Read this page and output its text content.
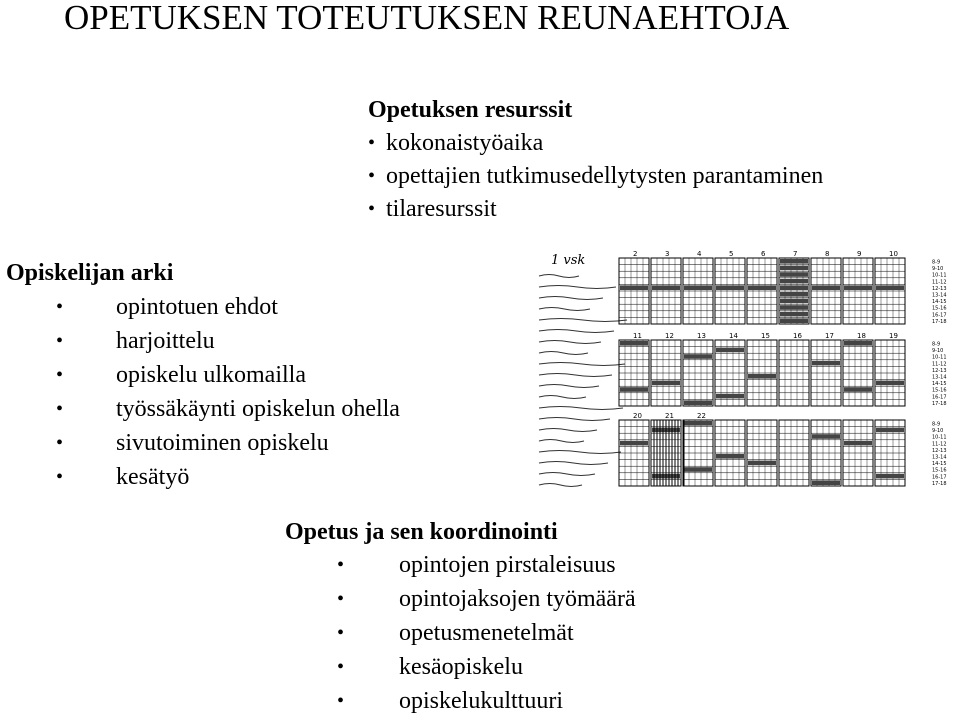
OPETUKSEN TOTEUTUKSEN REUNAEHTOJA
Opetuksen resurssit
• kokonaistyöaika
• opettajien tutkimusedellytysten parantaminen
• tilaresurssit
Opiskelijan arki
• opintotuen ehdot
• harjoittelu
• opiskelu ulkomailla
• työssäkäynti opiskelun ohella
• sivutoiminen opiskelu
• kesätyö
1 vsk	2	3	4	5	6	7	8	9	10
8-9
9-10
10-11
11-12
12-13
13-14
14-15
15-16
16-17
17-18
11	12	13	14	15	16	17	18	19
8-9
9-10
10-11
11-12
12-13
13-14
14-15
15-16
16-17
17-18
20	21	22
8-9
9-10
10-11
11-12
12-13
13-14
14-15
15-16
16-17
17-18
Opetus ja sen koordinointi
• opintojen pirstaleisuus
• opintojaksojen työmäärä
• opetusmenetelmät
• kesäopiskelu
• opiskelukulttuuri
